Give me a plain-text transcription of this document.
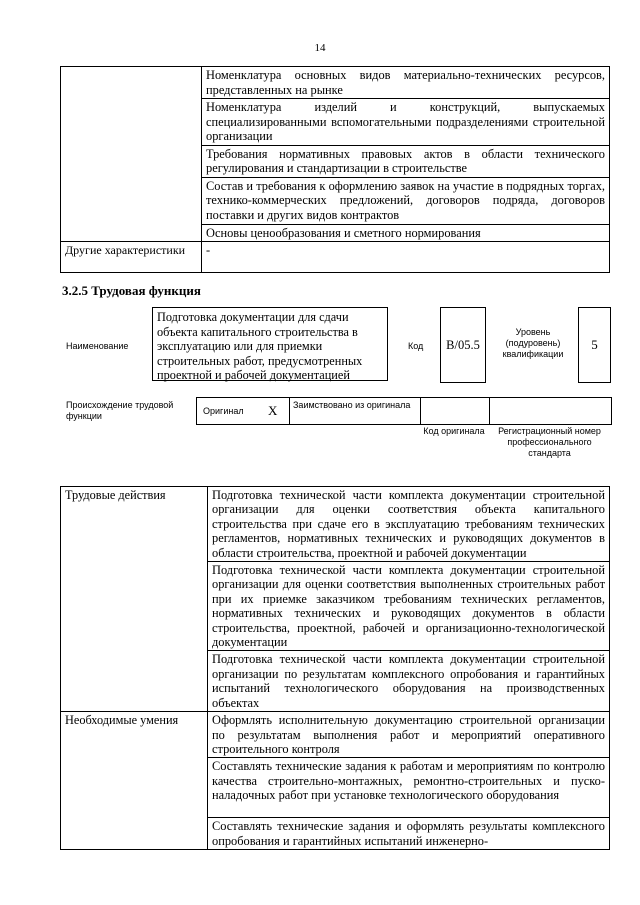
14
	Номенклатура основных видов материально-технических ресурсов, представленных на рынке
	Номенклатура изделий и конструкций, выпускаемых специализированными вспомогательными подразделениями строительной организации
	Требования нормативных правовых актов в области технического регулирования и стандартизации в строительстве
	Состав и требования к оформлению заявок на участие в подрядных торгах, технико-коммерческих предложений, договоров подряда, договоров поставки и других видов контрактов
	Основы ценообразования и сметного нормирования
Другие характеристики	-
3.2.5 Трудовая функция
Наименование
Подготовка документации для сдачи объекта капитального строительства в эксплуатацию или для приемки строительных работ, предусмотренных проектной и рабочей документацией
Код В/05.5
Уровень (подуровень) квалификации
5
Происхождение трудовой функции	Оригинал X Заимствовано из оригинала
Код оригинала	Регистрационный номер профессионального стандарта
Трудовые действия	Подготовка технической части комплекта документации строительной организации для оценки соответствия объекта капитального строительства при сдаче его в эксплуатацию требованиям технических регламентов, нормативных технических и руководящих документов в области строительства, проектной и рабочей документации
	Подготовка технической части комплекта документации строительной организации для оценки соответствия выполненных строительных работ при их приемке заказчиком требованиям технических регламентов, нормативных технических и руководящих документов в области строительства, проектной, рабочей и организационно-технологической документации
	Подготовка технической части комплекта документации строительной организации по результатам комплексного опробования и гарантийных испытаний технологического оборудования на производственных объектах
Необходимые умения	Оформлять исполнительную документацию строительной организации по результатам выполнения работ и мероприятий оперативного строительного контроля
	Составлять технические задания к работам и мероприятиям по контролю качества строительно-монтажных, ремонтно-строительных и пуско-наладочных работ при установке технологического оборудования
	Составлять технические задания и оформлять результаты комплексного опробования и гарантийных испытаний инженерно-
